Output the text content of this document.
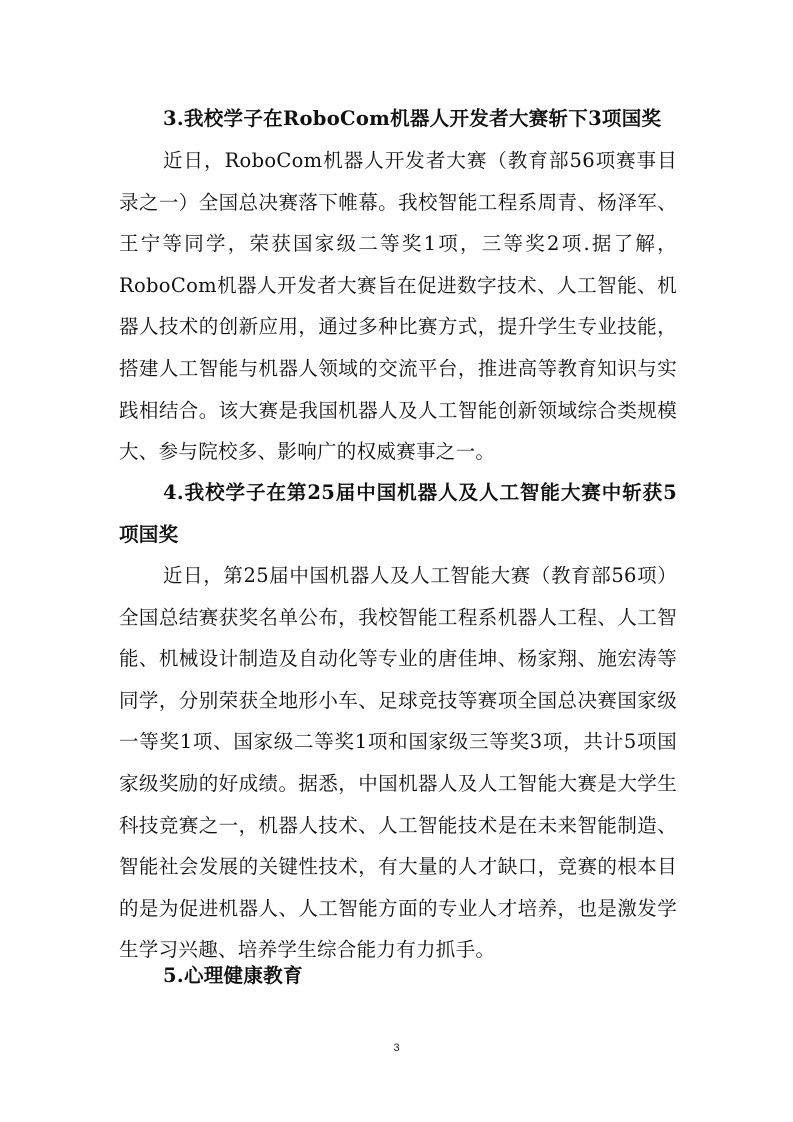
3.我校学子在RoboCom机器人开发者大赛斩下3项国奖
近日，RoboCom机器人开发者大赛（教育部56项赛事目录之一）全国总决赛落下帷幕。我校智能工程系周青、杨泽军、王宁等同学，荣获国家级二等奖1项，三等奖2项.据了解，RoboCom机器人开发者大赛旨在促进数字技术、人工智能、机器人技术的创新应用，通过多种比赛方式，提升学生专业技能，搭建人工智能与机器人领域的交流平台，推进高等教育知识与实践相结合。该大赛是我国机器人及人工智能创新领域综合类规模大、参与院校多、影响广的权威赛事之一。
4.我校学子在第25届中国机器人及人工智能大赛中斩获5项国奖
近日，第25届中国机器人及人工智能大赛（教育部56项）全国总结赛获奖名单公布，我校智能工程系机器人工程、人工智能、机械设计制造及自动化等专业的唐佳坤、杨家翔、施宏涛等同学，分别荣获全地形小车、足球竞技等赛项全国总决赛国家级一等奖1项、国家级二等奖1项和国家级三等奖3项，共计5项国家级奖励的好成绩。据悉，中国机器人及人工智能大赛是大学生科技竞赛之一，机器人技术、人工智能技术是在未来智能制造、智能社会发展的关键性技术，有大量的人才缺口，竞赛的根本目的是为促进机器人、人工智能方面的专业人才培养，也是激发学生学习兴趣、培养学生综合能力有力抓手。
5.心理健康教育
3
